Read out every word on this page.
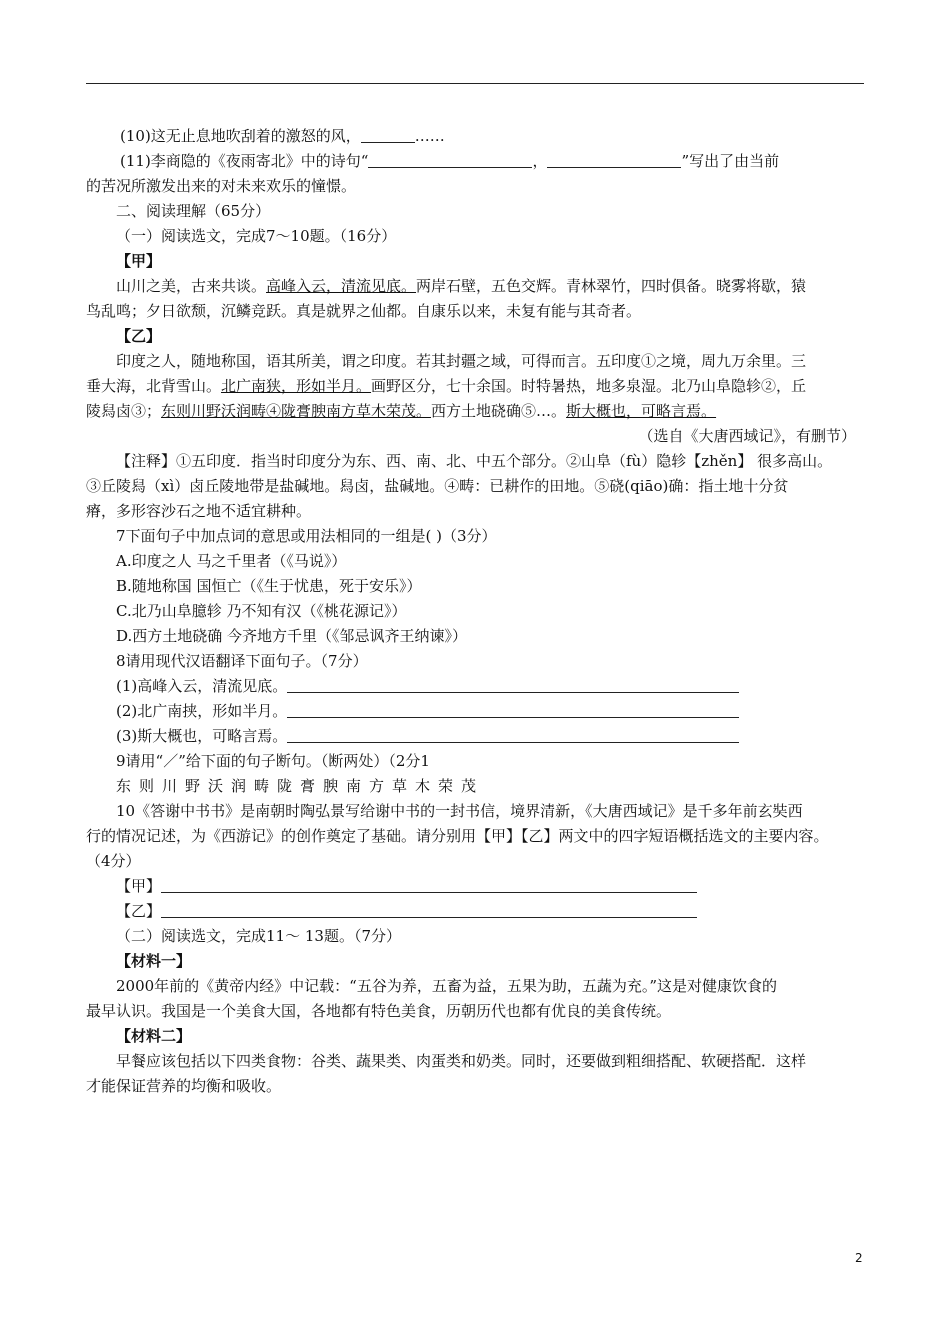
(10)这无止息地吹刮着的激怒的风，	……
(11)李商隐的《夜雨寄北》中的诗句“	，	”写出了由当前
的苦况所激发出来的对未来欢乐的憧憬。
二、阅读理解（65分）
（一）阅读选文，完成7～10题。（16分）
【甲】
山川之美，古来共谈。高峰入云，清流见底。两岸石壁，五色交辉。青林翠竹，四时俱备。晓雾将歇，猿
鸟乱鸣；夕日欲颓，沉鳞竞跃。真是就界之仙都。自康乐以来，未复有能与其奇者。
【乙】
印度之人，随地称国，语其所美，谓之印度。若其封疆之域，可得而言。五印度①之境，周九万余里。三
垂大海，北背雪山。北广南狭，形如半月。画野区分，七十余国。时特暑热，地多泉湿。北乃山阜隐轸②，丘
陵舄卤③；东则川野沃润畴④陇膏腴南方草木荣茂。西方土地硗确⑤…。斯大概也，可略言焉。
（选自《大唐西域记》，有删节）
【注释】①五印度．指当时印度分为东、西、南、北、中五个部分。②山阜（fù）隐轸【zhěn】 很多高山。
③丘陵舄（xì）卤丘陵地带是盐碱地。舄卤，盐碱地。④畴：已耕作的田地。⑤硗(qiāo)确：指土地十分贫
瘠，多形容沙石之地不适宜耕种。
7下面句子中加点词的意思或用法相同的一组是( )（3分）
A.印度之人 马之千里者（《马说》）
B.随地称国 国恒亡（《生于忧患，死于安乐》）
C.北乃山阜臆轸 乃不知有汉（《桃花源记》）
D.西方土地硗确 今齐地方千里（《邹忌讽齐王纳谏》）
8请用现代汉语翻译下面句子。（7分）
(1)高峰入云，清流见底。
(2)北广南挟，形如半月。
(3)斯大概也，可略言焉。
9请用“／”给下面的句子断句。（断两处）（2分1
东则川野沃润畴陇膏腴南方草木荣茂
10《答谢中书书》是南朝时陶弘景写给谢中书的一封书信，境界清新，《大唐西域记》是千多年前玄奘西
行的情况记述，为《西游记》的创作奠定了基础。请分别用【甲】【乙】两文中的四字短语概括选文的主要内容。
（4分）
【甲】
【乙】
（二）阅读选文，完成11～ 13题。（7分）
【材料一】
2000年前的《黄帝内经》中记载：“五谷为养，五畜为益，五果为助，五蔬为充。”这是对健康饮食的
最早认识。我国是一个美食大国，各地都有特色美食，历朝历代也都有优良的美食传统。
【材料二】
早餐应该包括以下四类食物：谷类、蔬果类、肉蛋类和奶类。同时，还要做到粗细搭配、软硬搭配．这样
才能保证营养的均衡和吸收。
2
